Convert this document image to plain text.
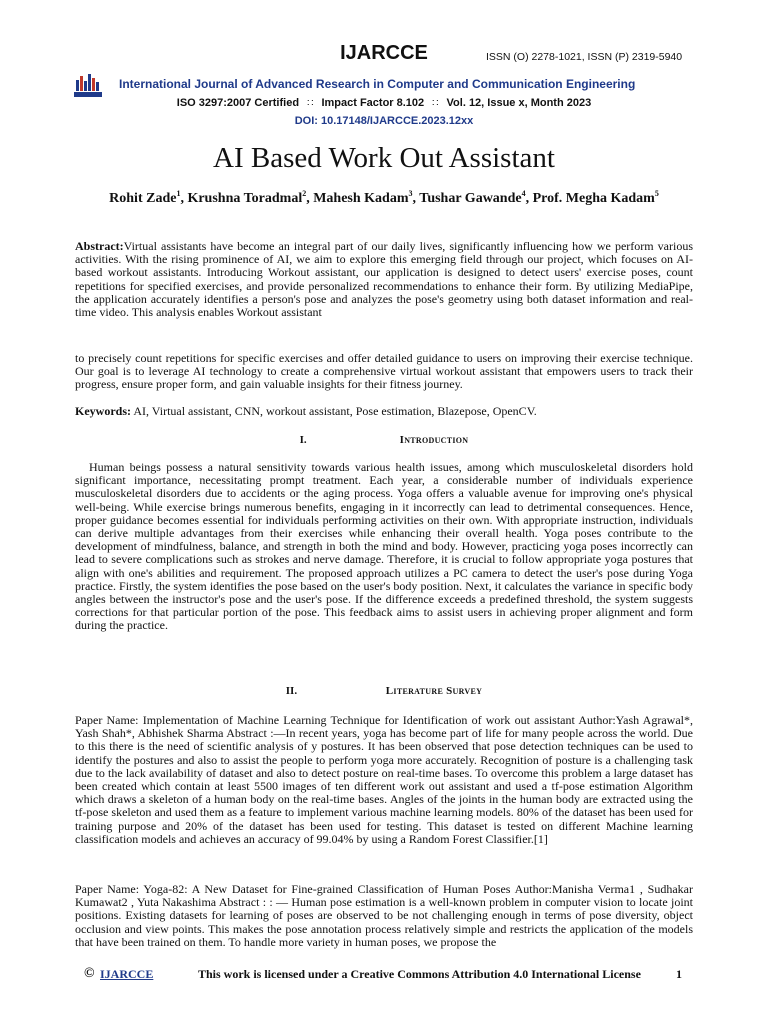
IJARCCE	ISSN (O) 2278-1021, ISSN (P) 2319-5940
International Journal of Advanced Research in Computer and Communication Engineering
ISO 3297:2007 Certified ∷ Impact Factor 8.102 ∷ Vol. 12, Issue x, Month 2023
DOI: 10.17148/IJARCCE.2023.12xx
AI Based Work Out Assistant
Rohit Zade$^1$, Krushna Toradmal$^2$, Mahesh Kadam$^3$, Tushar Gawande$^4$, Prof. Megha Kadam$^5$
Abstract:Virtual assistants have become an integral part of our daily lives, significantly influencing how we perform various activities. With the rising prominence of AI, we aim to explore this emerging field through our project, which focuses on AI-based workout assistants. Introducing Workout assistant, our application is designed to detect users' exercise poses, count repetitions for specified exercises, and provide personalized recommendations to enhance their form. By utilizing MediaPipe, the application accurately identifies a person's pose and analyzes the pose's geometry using both dataset information and real-time video. This analysis enables Workout assistant
to precisely count repetitions for specific exercises and offer detailed guidance to users on improving their exercise technique. Our goal is to leverage AI technology to create a comprehensive virtual workout assistant that empowers users to track their progress, ensure proper form, and gain valuable insights for their fitness journey.
Keywords: AI, Virtual assistant, CNN, workout assistant, Pose estimation, Blazepose, OpenCV.
I.	Introduction
Human beings possess a natural sensitivity towards various health issues, among which musculoskeletal disorders hold significant importance, necessitating prompt treatment. Each year, a considerable number of individuals experience musculoskeletal disorders due to accidents or the aging process. Yoga offers a valuable avenue for improving one's physical well-being. While exercise brings numerous benefits, engaging in it incorrectly can lead to detrimental consequences. Hence, proper guidance becomes essential for individuals performing activities on their own. With appropriate instruction, individuals can derive multiple advantages from their exercises while enhancing their overall health. Yoga poses contribute to the development of mindfulness, balance, and strength in both the mind and body. However, practicing yoga poses incorrectly can lead to severe complications such as strokes and nerve damage. Therefore, it is crucial to follow appropriate yoga postures that align with one's abilities and requirement. The proposed approach utilizes a PC camera to detect the user's pose during Yoga practice. Firstly, the system identifies the pose based on the user's body position. Next, it calculates the variance in specific body angles between the instructor's pose and the user's pose. If the difference exceeds a predefined threshold, the system suggests corrections for that particular portion of the pose. This feedback aims to assist users in achieving proper alignment and form during the practice.
II.	Literature Survey
Paper Name: Implementation of Machine Learning Technique for Identification of work out assistant Author:Yash Agrawal*, Yash Shah*, Abhishek Sharma Abstract :—In recent years, yoga has become part of life for many people across the world. Due to this there is the need of scientific analysis of y postures. It has been observed that pose detection techniques can be used to identify the postures and also to assist the people to perform yoga more accurately. Recognition of posture is a challenging task due to the lack availability of dataset and also to detect posture on real-time bases. To overcome this problem a large dataset has been created which contain at least 5500 images of ten different work out assistant and used a tf-pose estimation Algorithm which draws a skeleton of a human body on the real-time bases. Angles of the joints in the human body are extracted using the tf-pose skeleton and used them as a feature to implement various machine learning models. 80% of the dataset has been used for training purpose and 20% of the dataset has been used for testing. This dataset is tested on different Machine learning classification models and achieves an accuracy of 99.04% by using a Random Forest Classifier.[1]
Paper Name: Yoga-82: A New Dataset for Fine-grained Classification of Human Poses Author:Manisha Verma1 , Sudhakar Kumawat2 , Yuta Nakashima Abstract : : — Human pose estimation is a well-known problem in computer vision to locate joint positions. Existing datasets for learning of poses are observed to be not challenging enough in terms of pose diversity, object occlusion and view points. This makes the pose annotation process relatively simple and restricts the application of the models that have been trained on them. To handle more variety in human poses, we propose the
© IJARCCE	This work is licensed under a Creative Commons Attribution 4.0 International License	1
